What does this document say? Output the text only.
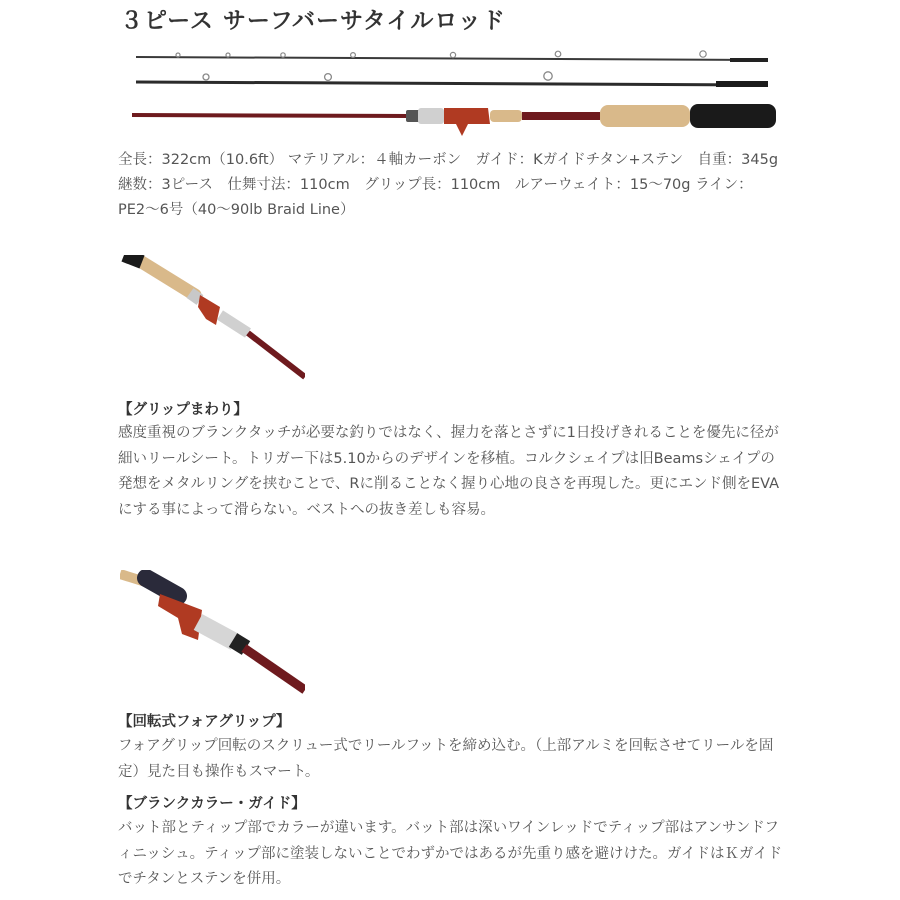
３ピース サーフバーサタイルロッド
全長：322cm（10.6ft） マテリアル：４軸カーボン　ガイド：Kガイドチタン+ステン　自重：345g　継数：3ピース　仕舞寸法：110cm　グリップ長：110cm　ルアーウェイト：15〜70g ライン：PE2〜6号（40〜90lb Braid Line）
【グリップまわり】
感度重視のブランクタッチが必要な釣りではなく、握力を落とさずに1日投げきれることを優先に径が細いリールシート。トリガー下は5.10からのデザインを移植。コルクシェイプは旧Beamsシェイプの発想をメタルリングを挟むことで、Rに削ることなく握り心地の良さを再現した。更にエンド側をEVAにする事によって滑らない。ベストへの抜き差しも容易。
【回転式フォアグリップ】
フォアグリップ回転のスクリュー式でリールフットを締め込む。（上部アルミを回転させてリールを固定）見た目も操作もスマート。
【ブランクカラー・ガイド】
バット部とティップ部でカラーが違います。バット部は深いワインレッドでティップ部はアンサンドフィニッシュ。ティップ部に塗装しないことでわずかではあるが先重り感を避けけた。ガイドはＫガイドでチタンとステンを併用。
